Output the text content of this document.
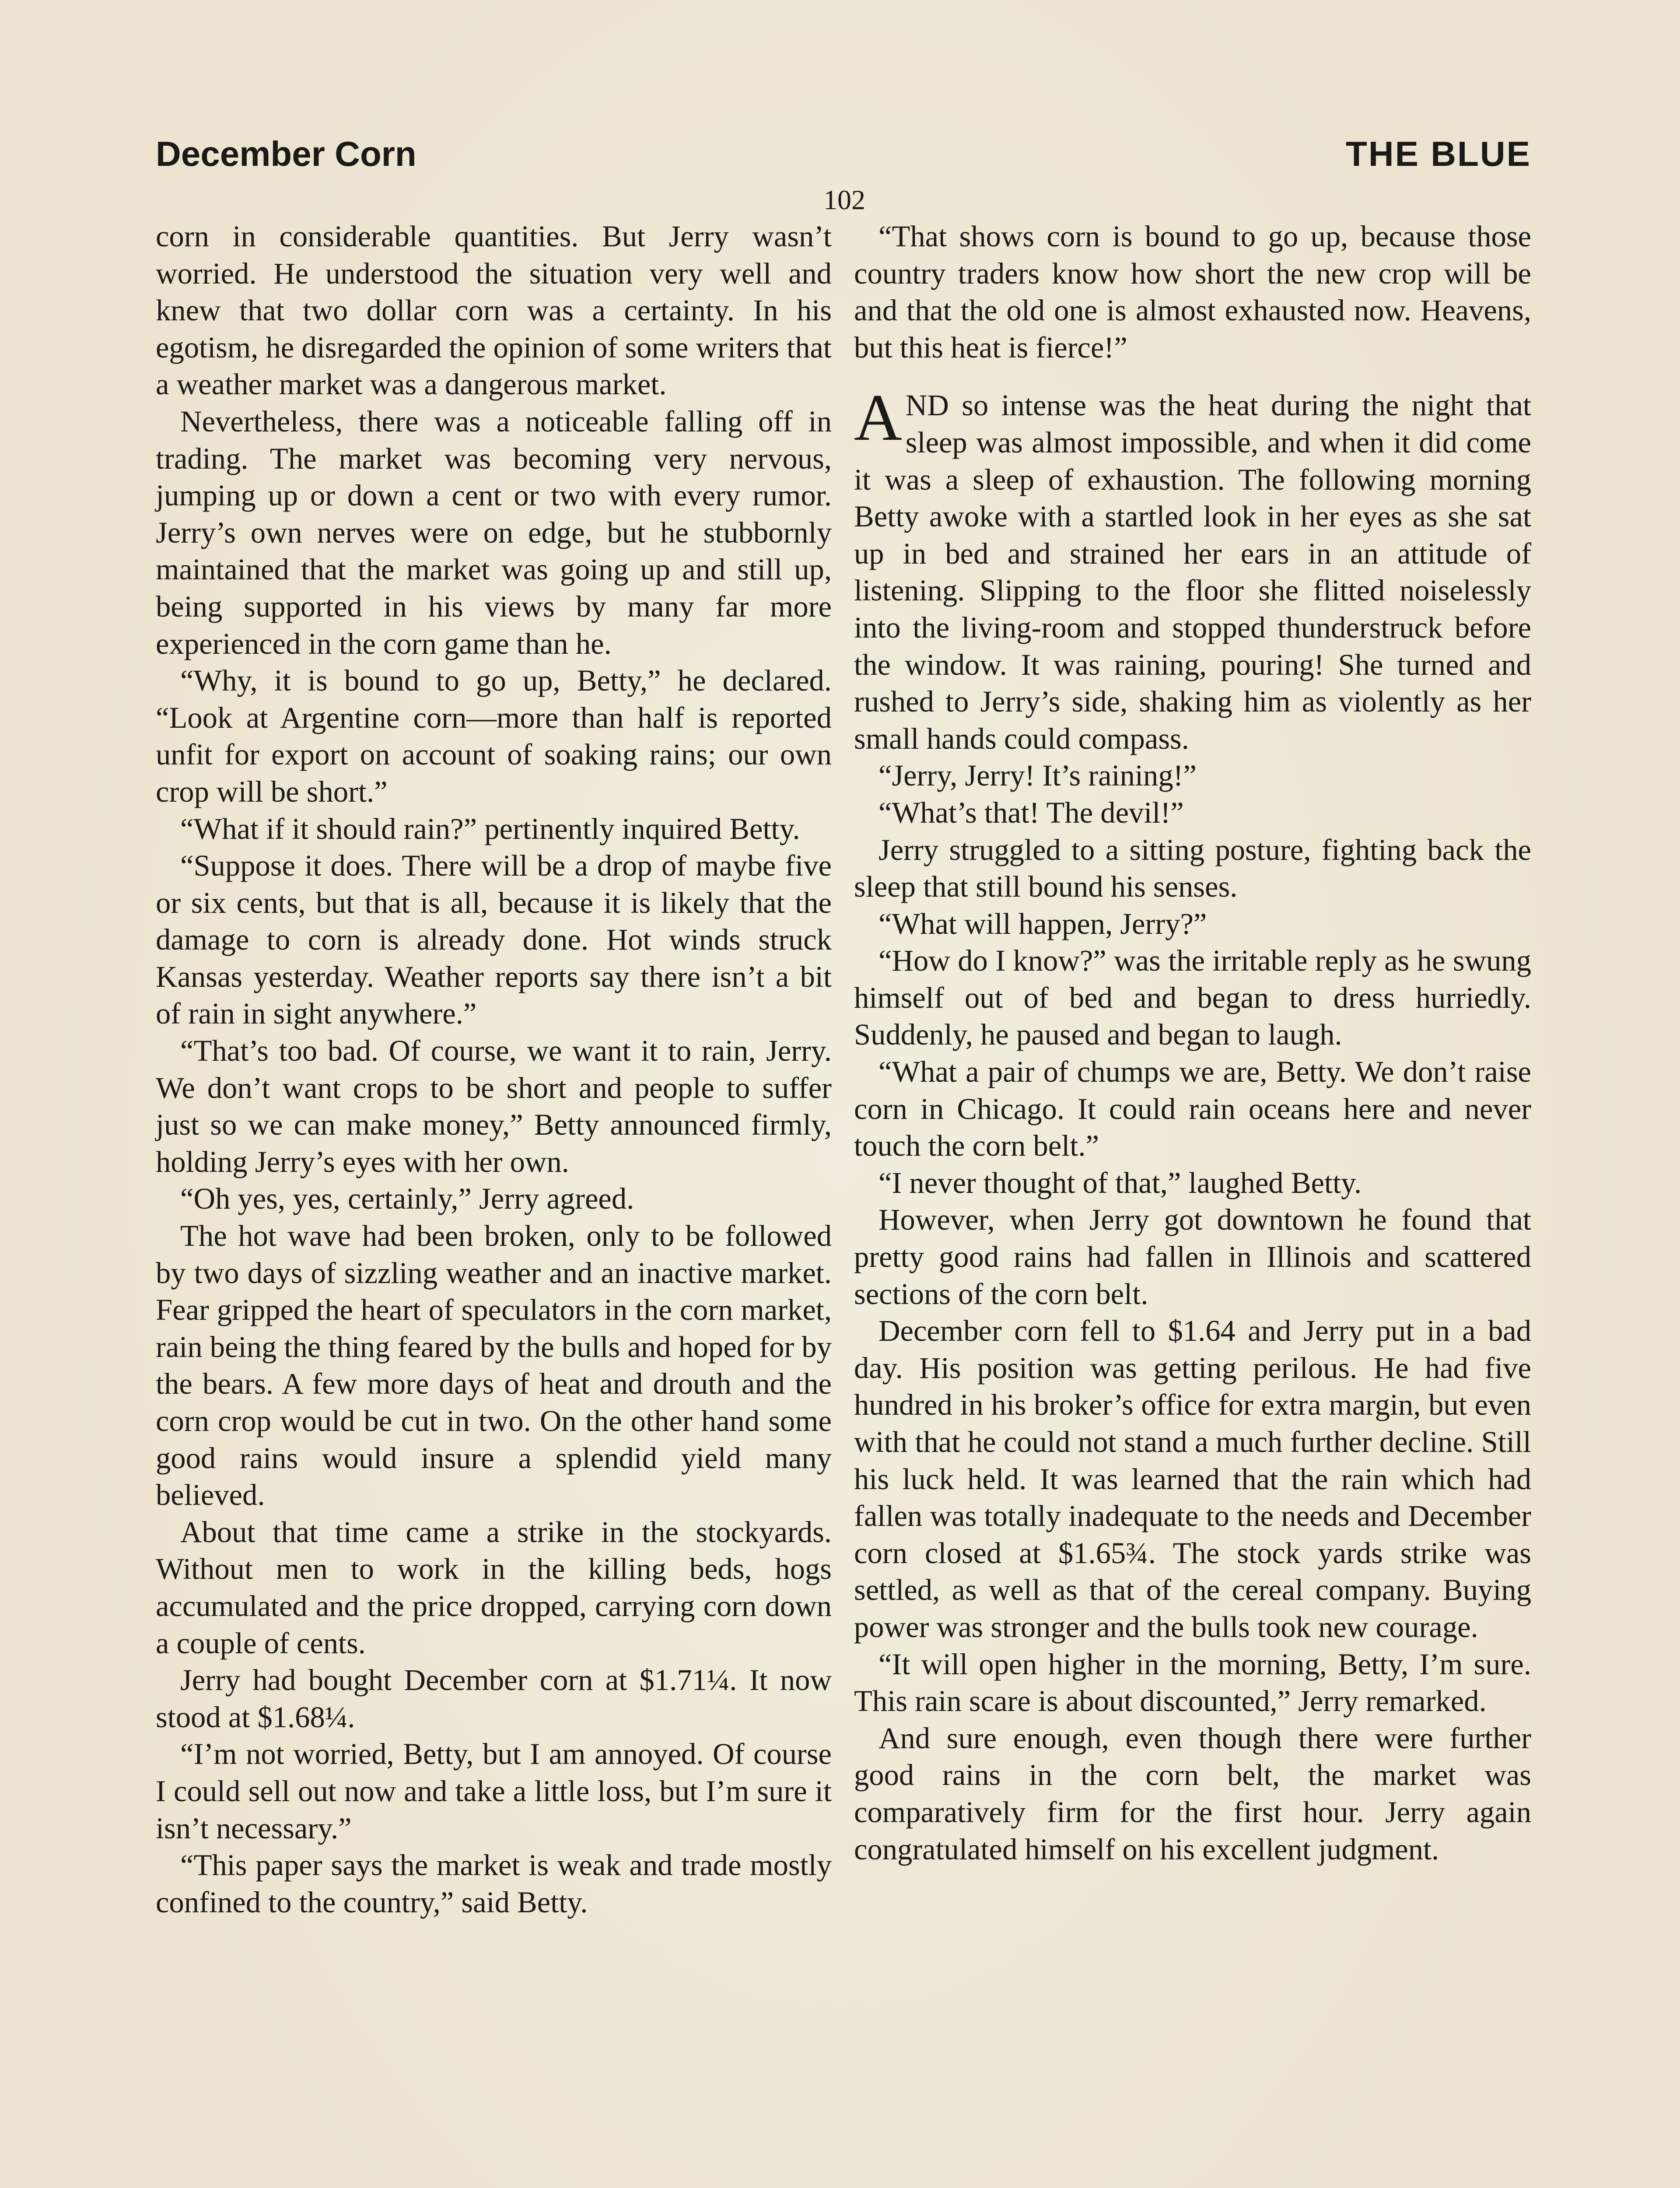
December Corn	THE BLUE
102

corn in considerable quantities. But Jerry wasn’t worried. He understood the situation very well and knew that two dollar corn was a certainty. In his egotism, he disregarded the opinion of some writers that a weather market was a dangerous market.

Nevertheless, there was a noticeable falling off in trading. The market was becoming very nervous, jumping up or down a cent or two with every rumor. Jerry’s own nerves were on edge, but he stubbornly maintained that the market was going up and still up, being supported in his views by many far more experienced in the corn game than he.

“Why, it is bound to go up, Betty,” he declared. “Look at Argentine corn—more than half is reported unfit for export on account of soaking rains; our own crop will be short.”

“What if it should rain?” pertinently inquired Betty.

“Suppose it does. There will be a drop of maybe five or six cents, but that is all, because it is likely that the damage to corn is already done. Hot winds struck Kansas yesterday. Weather reports say there isn’t a bit of rain in sight anywhere.”

“That’s too bad. Of course, we want it to rain, Jerry. We don’t want crops to be short and people to suffer just so we can make money,” Betty announced firmly, holding Jerry’s eyes with her own.

“Oh yes, yes, certainly,” Jerry agreed.

The hot wave had been broken, only to be followed by two days of sizzling weather and an inactive market. Fear gripped the heart of speculators in the corn market, rain being the thing feared by the bulls and hoped for by the bears. A few more days of heat and drouth and the corn crop would be cut in two. On the other hand some good rains would insure a splendid yield many believed.

About that time came a strike in the stockyards. Without men to work in the killing beds, hogs accumulated and the price dropped, carrying corn down a couple of cents.

Jerry had bought December corn at $1.71¼. It now stood at $1.68¼.

“I’m not worried, Betty, but I am annoyed. Of course I could sell out now and take a little loss, but I’m sure it isn’t necessary.”

“This paper says the market is weak and trade mostly confined to the country,” said Betty.

“That shows corn is bound to go up, because those country traders know how short the new crop will be and that the old one is almost exhausted now. Heavens, but this heat is fierce!”

AND so intense was the heat during the night that sleep was almost impossible, and when it did come it was a sleep of exhaustion. The following morning Betty awoke with a startled look in her eyes as she sat up in bed and strained her ears in an attitude of listening. Slipping to the floor she flitted noiselessly into the living-room and stopped thunderstruck before the window. It was raining, pouring! She turned and rushed to Jerry’s side, shaking him as violently as her small hands could compass.

“Jerry, Jerry! It’s raining!”

“What’s that! The devil!”

Jerry struggled to a sitting posture, fighting back the sleep that still bound his senses.

“What will happen, Jerry?”

“How do I know?” was the irritable reply as he swung himself out of bed and began to dress hurriedly. Suddenly, he paused and began to laugh.

“What a pair of chumps we are, Betty. We don’t raise corn in Chicago. It could rain oceans here and never touch the corn belt.”

“I never thought of that,” laughed Betty.

However, when Jerry got downtown he found that pretty good rains had fallen in Illinois and scattered sections of the corn belt.

December corn fell to $1.64 and Jerry put in a bad day. His position was getting perilous. He had five hundred in his broker’s office for extra margin, but even with that he could not stand a much further decline. Still his luck held. It was learned that the rain which had fallen was totally inadequate to the needs and December corn closed at $1.65¾. The stock yards strike was settled, as well as that of the cereal company. Buying power was stronger and the bulls took new courage.

“It will open higher in the morning, Betty, I’m sure. This rain scare is about discounted,” Jerry remarked.

And sure enough, even though there were further good rains in the corn belt, the market was comparatively firm for the first hour. Jerry again congratulated himself on his excellent judgment.
